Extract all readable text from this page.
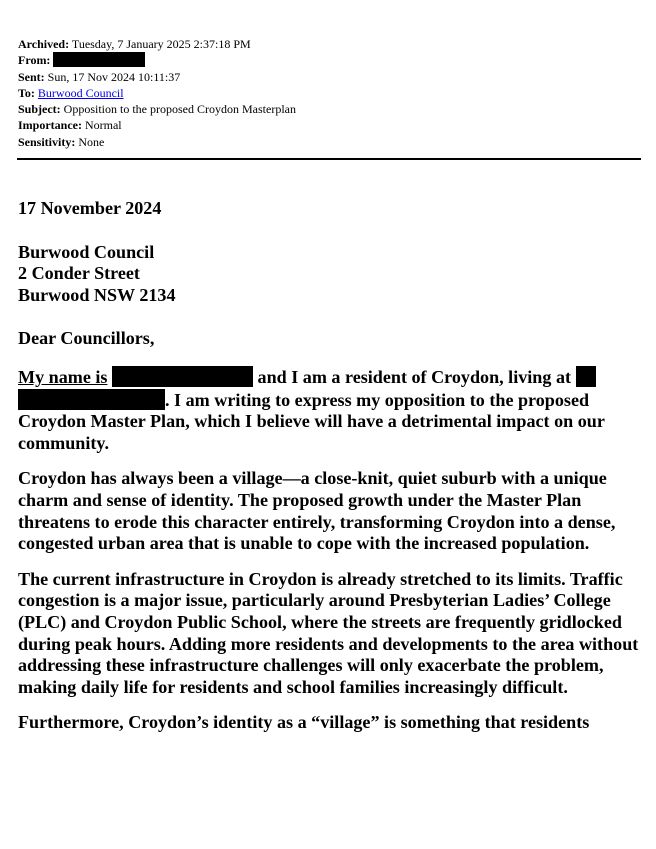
Archived: Tuesday, 7 January 2025 2:37:18 PM
From:
Sent: Sun, 17 Nov 2024 10:11:37
To: Burwood Council
Subject: Opposition to the proposed Croydon Masterplan
Importance: Normal
Sensitivity: None

17 November 2024

Burwood Council
2 Conder Street
Burwood NSW 2134

Dear Councillors,

My name is	and I am a resident of Croydon, living at
. I am writing to express my opposition to the proposed Croydon Master Plan, which I believe will have a detrimental impact on our community.

Croydon has always been a village—a close-knit, quiet suburb with a unique charm and sense of identity. The proposed growth under the Master Plan threatens to erode this character entirely, transforming Croydon into a dense, congested urban area that is unable to cope with the increased population.

The current infrastructure in Croydon is already stretched to its limits. Traffic congestion is a major issue, particularly around Presbyterian Ladies’ College (PLC) and Croydon Public School, where the streets are frequently gridlocked during peak hours. Adding more residents and developments to the area without addressing these infrastructure challenges will only exacerbate the problem, making daily life for residents and school families increasingly difficult.

Furthermore, Croydon’s identity as a “village” is something that residents
